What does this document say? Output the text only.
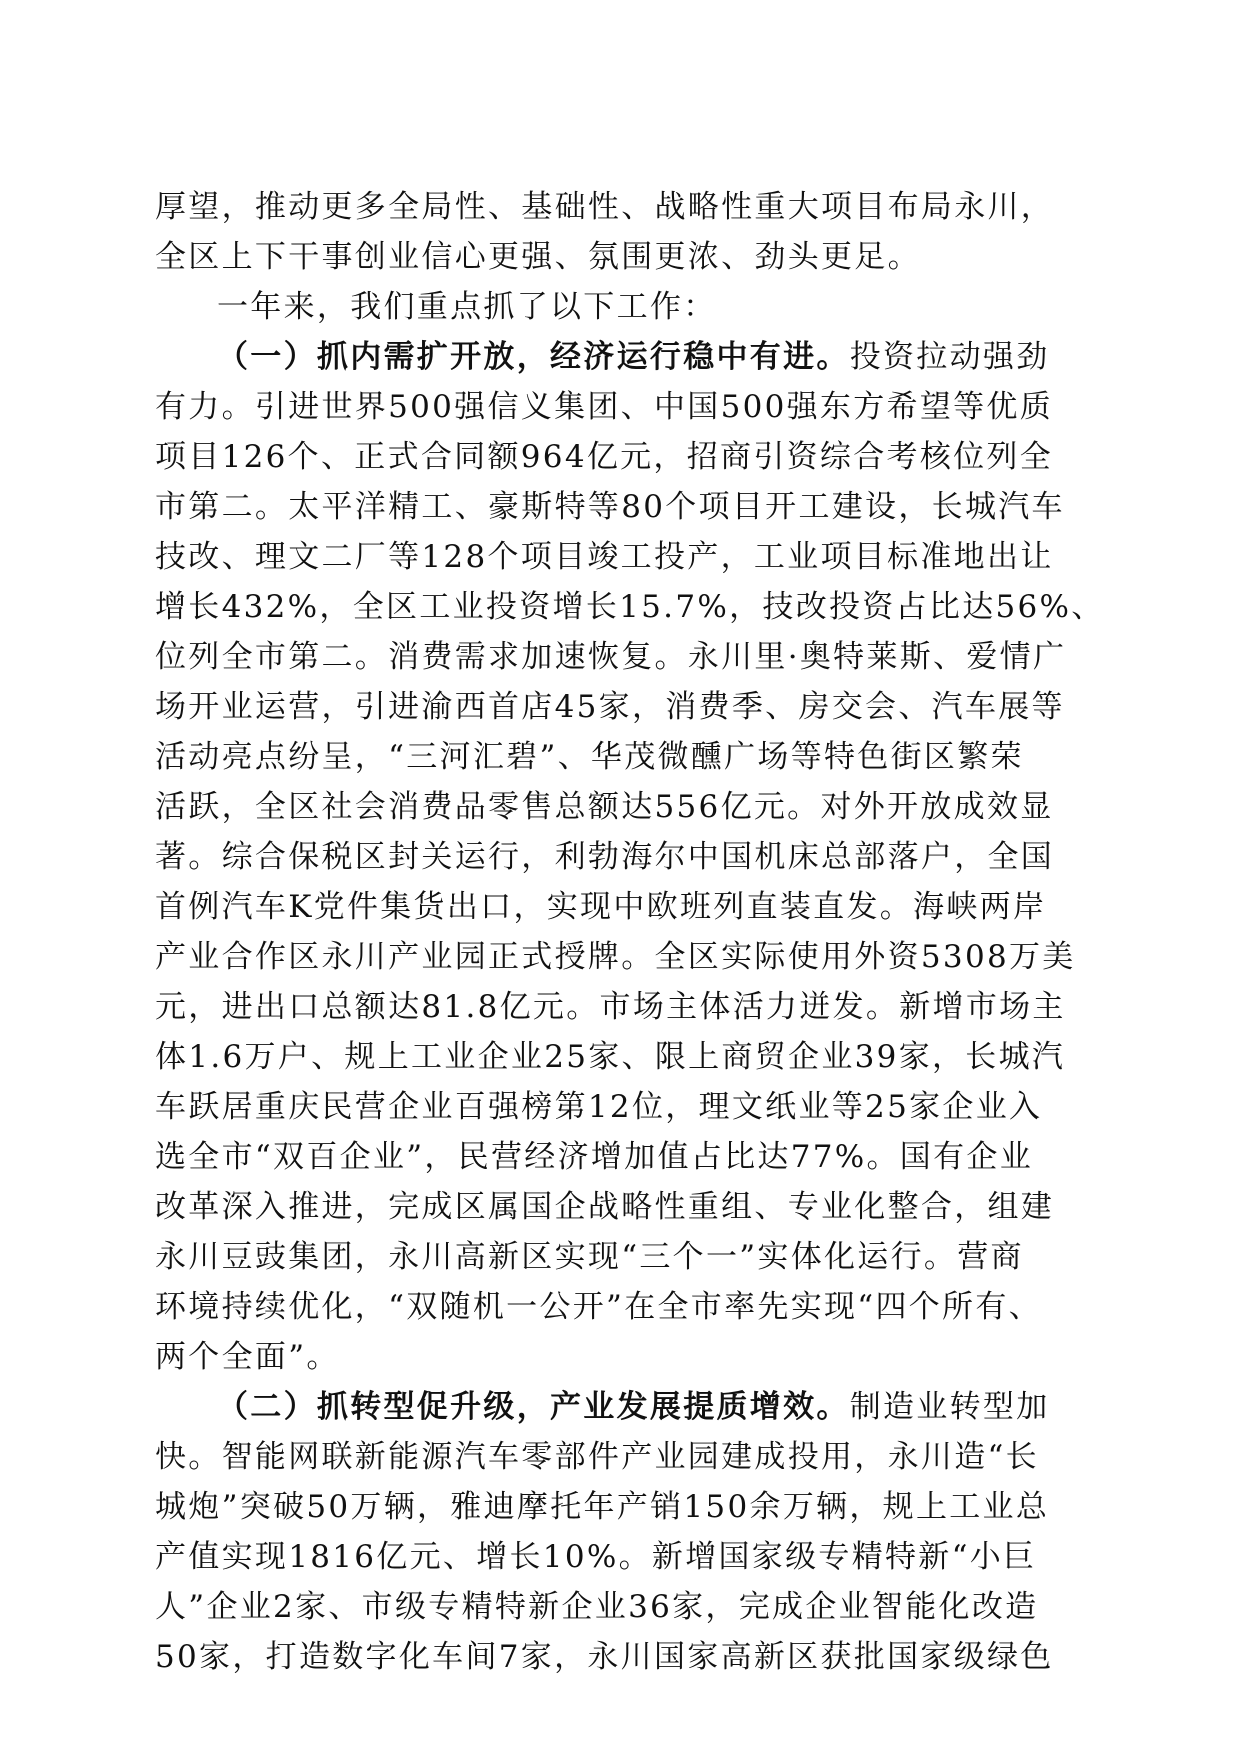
厚望，推动更多全局性、基础性、战略性重大项目布局永川，
全区上下干事创业信心更强、氛围更浓、劲头更足。
一年来，我们重点抓了以下工作：
（一）抓内需扩开放，经济运行稳中有进。投资拉动强劲
有力。引进世界500强信义集团、中国500强东方希望等优质
项目126个、正式合同额964亿元，招商引资综合考核位列全
市第二。太平洋精工、豪斯特等80个项目开工建设，长城汽车
技改、理文二厂等128个项目竣工投产，工业项目标准地出让
增长432%，全区工业投资增长15.7%，技改投资占比达56%、
位列全市第二。消费需求加速恢复。永川里·奥特莱斯、爱情广
场开业运营，引进渝西首店45家，消费季、房交会、汽车展等
活动亮点纷呈，“三河汇碧”、华茂微醺广场等特色街区繁荣
活跃，全区社会消费品零售总额达556亿元。对外开放成效显
著。综合保税区封关运行，利勃海尔中国机床总部落户，全国
首例汽车K党件集货出口，实现中欧班列直装直发。海峡两岸
产业合作区永川产业园正式授牌。全区实际使用外资5308万美
元，进出口总额达81.8亿元。市场主体活力迸发。新增市场主
体1.6万户、规上工业企业25家、限上商贸企业39家，长城汽
车跃居重庆民营企业百强榜第12位，理文纸业等25家企业入
选全市“双百企业”，民营经济增加值占比达77%。国有企业
改革深入推进，完成区属国企战略性重组、专业化整合，组建
永川豆豉集团，永川高新区实现“三个一”实体化运行。营商
环境持续优化，“双随机一公开”在全市率先实现“四个所有、
两个全面”。
（二）抓转型促升级，产业发展提质增效。制造业转型加
快。智能网联新能源汽车零部件产业园建成投用，永川造“长
城炮”突破50万辆，雅迪摩托年产销150余万辆，规上工业总
产值实现1816亿元、增长10%。新增国家级专精特新“小巨
人”企业2家、市级专精特新企业36家，完成企业智能化改造
50家，打造数字化车间7家，永川国家高新区获批国家级绿色
